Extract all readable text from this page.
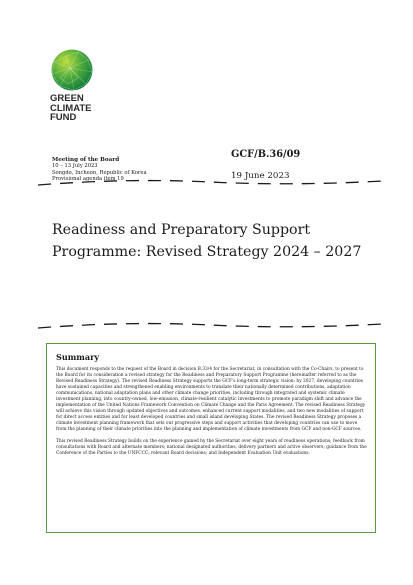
GREEN
CLIMATE
FUND
Meeting of the Board
10 – 13 July 2023
Songdo, Incheon, Republic of Korea
Provisional agenda item 19
GCF/B.36/09
19 June 2023
Readiness and Preparatory Support Programme: Revised Strategy 2024 – 2027
Summary

This document responds to the request of the Board in decision B.33/4 for the Secretariat, in consultation with the Co-Chairs, to present to the Board for its consideration a revised strategy for the Readiness and Preparatory Support Programme (hereinafter referred to as the Revised Readiness Strategy). The revised Readiness Strategy supports the GCF's long-term strategic vision: by 2027, developing countries have sustained capacities and strengthened enabling environments to translate their nationally determined contributions, adaptation communications, national adaptation plans and other climate change priorities, including through integrated and systemic climate investment planning, into country-owned, low-emission, climate-resilient catalytic investments to promote paradigm shift and advance the implementation of the United Nations Framework Convention on Climate Change and the Paris Agreement. The revised Readiness Strategy will achieve this vision through updated objectives and outcomes, enhanced current support modalities, and two new modalities of support for direct access entities and for least developed countries and small island developing States. The revised Readiness Strategy proposes a climate investment planning framework that sets out progressive steps and support activities that developing countries can use to move from the planning of their climate priorities into the planning and implementation of climate investments from GCF and non-GCF sources.

This revised Readiness Strategy builds on the experience gained by the Secretariat over eight years of readiness operations; feedback from consultations with Board and alternate members; national designated authorities, delivery partners and active observers; guidance from the Conference of the Parties to the UNFCCC; relevant Board decisions; and Independent Evaluation Unit evaluations.
